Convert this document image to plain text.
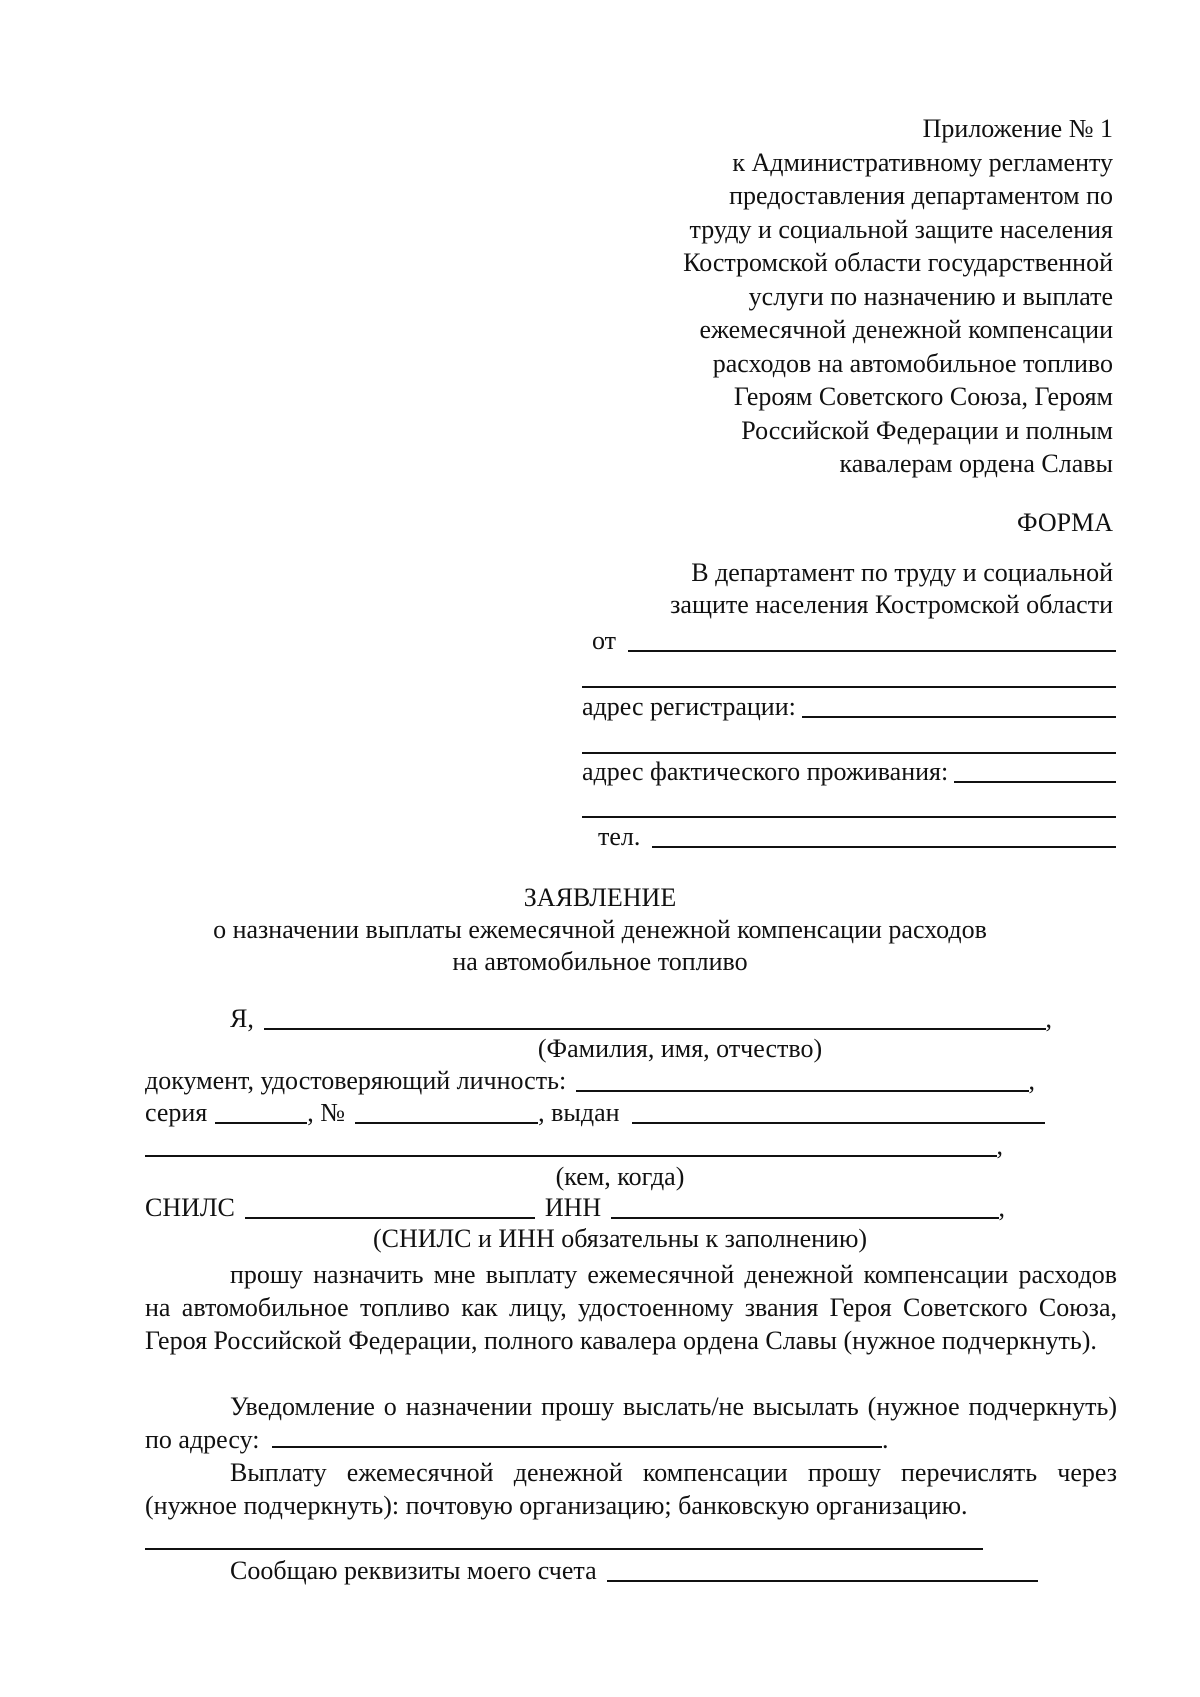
Приложение № 1
к Административному регламенту
предоставления департаментом по
труду и социальной защите населения
Костромской области государственной
услуги по назначению и выплате
ежемесячной денежной компенсации
расходов на автомобильное топливо
Героям Советского Союза, Героям
Российской Федерации и полным
кавалерам ордена Славы
ФОРМА
В департамент по труду и социальной
защите населения Костромской области
от
адрес регистрации:
адрес фактического проживания:
тел.
ЗАЯВЛЕНИЕ
о назначении выплаты ежемесячной денежной компенсации расходов
на автомобильное топливо
Я,	,
(Фамилия, имя, отчество)
документ, удостоверяющий личность:	,
серия	, №	, выдан
,
(кем, когда)
СНИЛС	ИНН	,
(СНИЛС и ИНН обязательны к заполнению)
прошу назначить мне выплату ежемесячной денежной компенсации расходов на автомобильное топливо как лицу, удостоенному звания Героя Советского Союза, Героя Российской Федерации, полного кавалера ордена Славы (нужное подчеркнуть).
Уведомление о назначении прошу выслать/не высылать (нужное подчеркнуть) по адресу:	.
Выплату ежемесячной денежной компенсации прошу перечислять через (нужное подчеркнуть): почтовую организацию; банковскую организацию.
Сообщаю реквизиты моего счета
